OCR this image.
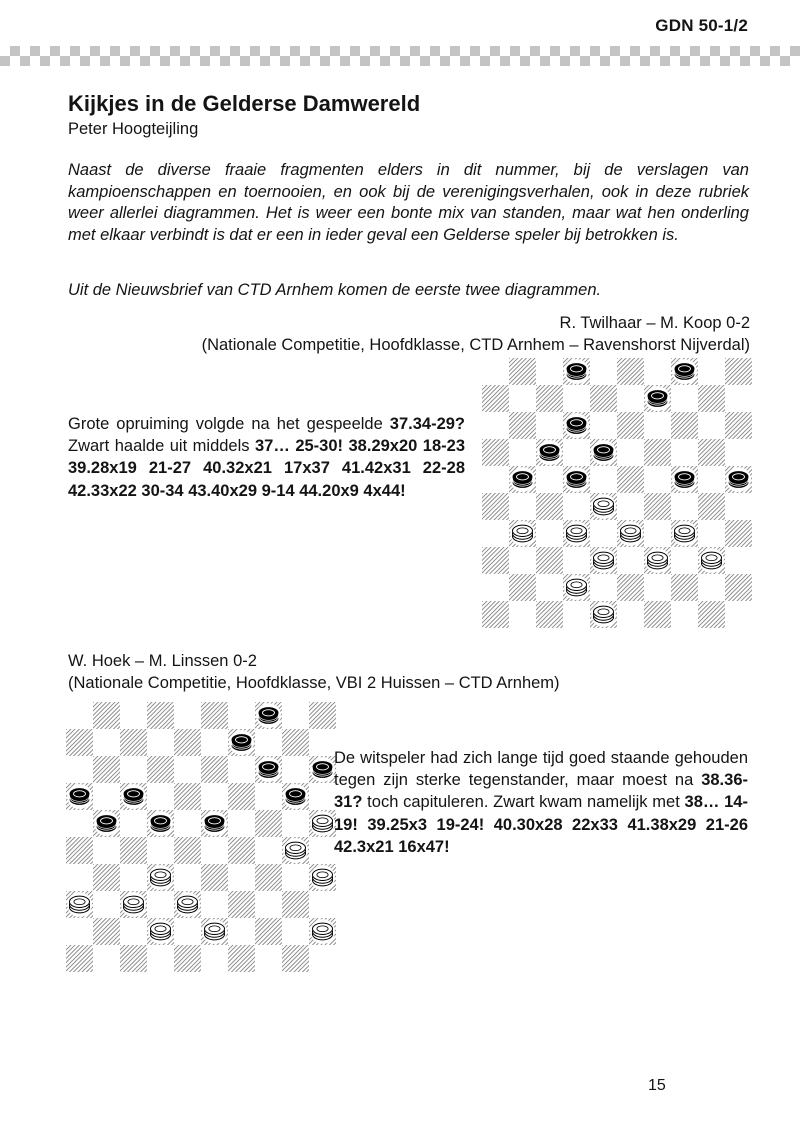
GDN 50-1/2
Kijkjes in de Gelderse Damwereld
Peter Hoogteijling

Naast de diverse fraaie fragmenten elders in dit nummer, bij de verslagen van kampioenschappen en toernooien, en ook bij de verenigingsverhalen, ook in deze rubriek weer allerlei diagrammen. Het is weer een bonte mix van standen, maar wat hen onderling met elkaar verbindt is dat er een in ieder geval een Gelderse speler bij betrokken is.

Uit de Nieuwsbrief van CTD Arnhem komen de eerste twee diagrammen.

R. Twilhaar – M. Koop 0-2
(Nationale Competitie, Hoofdklasse, CTD Arnhem – Ravenshorst Nijverdal)

Grote opruiming volgde na het gespeelde 37.34-29? Zwart haalde uit middels 37… 25-30! 38.29x20 18-23 39.28x19 21-27 40.32x21 17x37 41.42x31 22-28 42.33x22 30-34 43.40x29 9-14 44.20x9 4x44!

W. Hoek – M. Linssen 0-2
(Nationale Competitie, Hoofdklasse, VBI 2 Huissen – CTD Arnhem)

De witspeler had zich lange tijd goed staande gehouden tegen zijn sterke tegenstander, maar moest na 38.36-31? toch capituleren. Zwart kwam namelijk met 38… 14-19! 39.25x3 19-24! 40.30x28 22x33 41.38x29 21-26 42.3x21 16x47!

15
